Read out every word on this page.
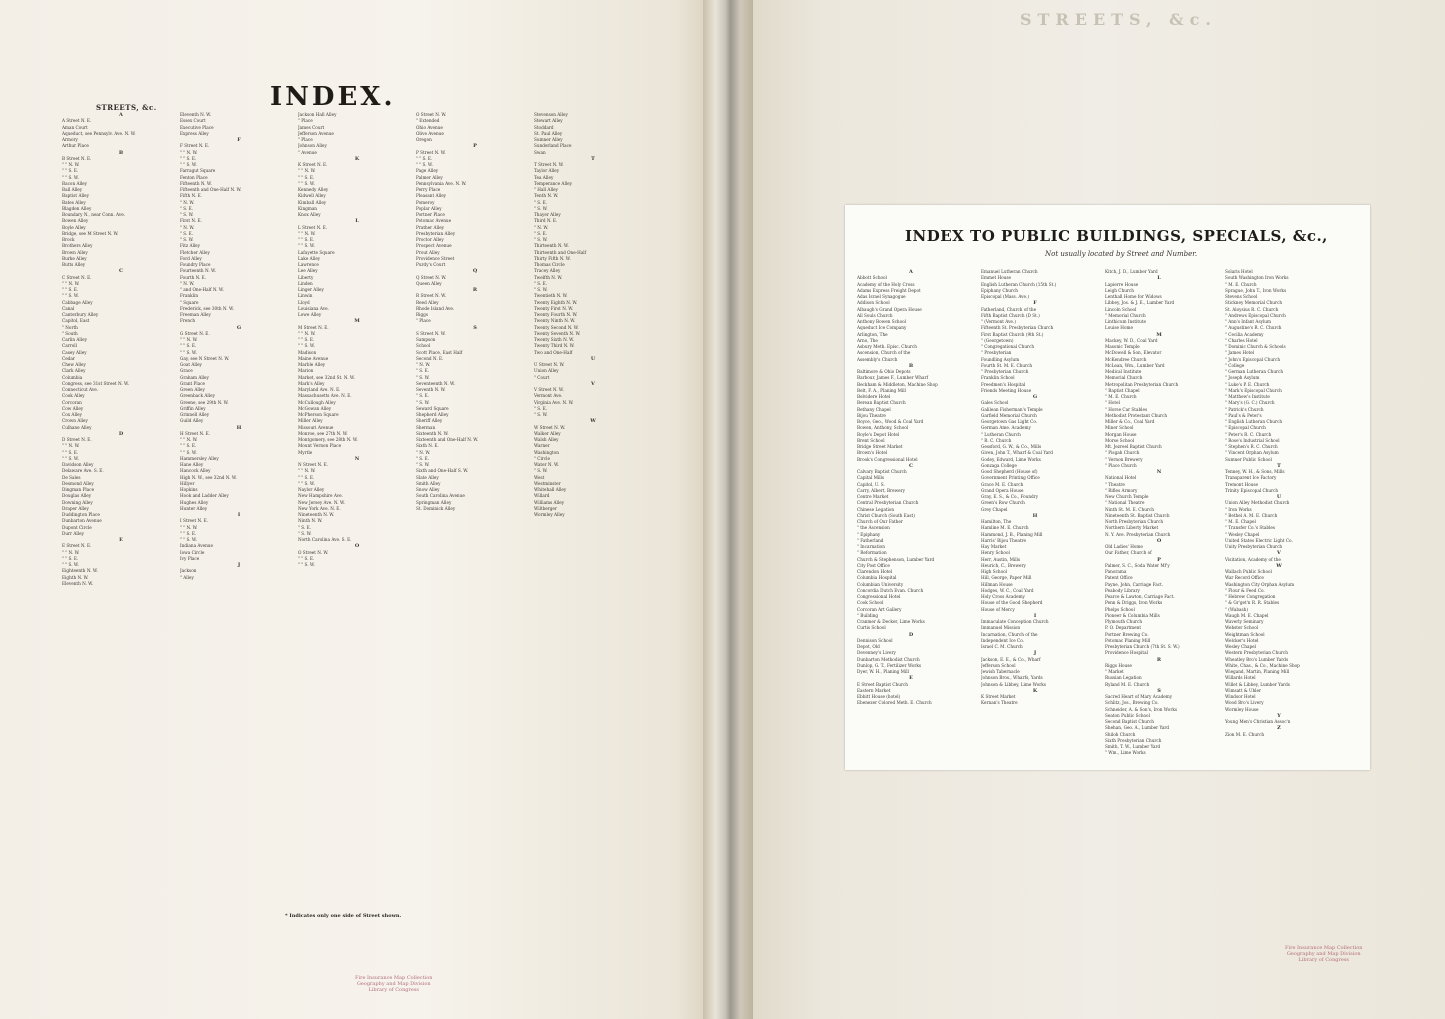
INDEX.
STREETS, &c.
A
A Street N. E.
Aman Court
Aqueduct, see Pennsylv. Ave. N. W.
Armory
Arthur Place
B
B Street N. E.
" " N. W.
" " S. E.
" " S. W.
Bacon Alley
Ball Alley
Baptist Alley
Bates Alley
Blagden Alley
Boundary N., near Conn. Ave.
Bowen Alley
Boyle Alley
Bridge, see M Street N. W.
Brock
Brothers Alley
Brown Alley
Burke Alley
Butts Alley
C
C Street N. E.
" " N. W.
" " S. E.
" " S. W.
Cabbage Alley
Canal
Canterbury Alley
Capitol, East
" North
" South
Carlin Alley
Carroll
Casey Alley
Cedar
Chew Alley
Clark Alley
Columbia
Congress, see 31st Street N. W.
Connecticut Ave.
Cook Alley
Corcoran
Cow Alley
Cox Alley
Crown Alley
Culhane Alley
D
D Street N. E.
" " N. W.
" " S. E.
" " S. W.
Davidson Alley
Delaware Ave. S. E.
De Sales
Desmond Alley
Dingman Place
Douglas Alley
Downing Alley
Draper Alley
Duddington Place
Dunbarton Avenue
Dupont Circle
Durr Alley
E
E Street N. E.
" " N. W.
" " S. E.
" " S. W.
Eighteenth N. W.
Eighth N. W.
Eleventh N. W.
Eleventh N. W.
Essex Court
Executive Place
Express Alley
F
F Street N. E.
" " N. W.
" " S. E.
" " S. W.
Farragut Square
Fenton Place
Fifteenth N. W.
Fifteenth and One-Half N. W.
Fifth N. E.
" N. W.
" S. E.
" S. W.
First N. E.
" N. W.
" S. E.
" S. W.
Fitz Alley
Fletcher Alley
Ford Alley
Foundry Place
Fourteenth N. W.
Fourth N. E.
" N. W.
" and One-Half N. W.
Franklin
" Square
Frederick, see 30th N. W.
Freeman Alley
French
G
G Street N. E.
" " N. W.
" " S. E.
" " S. W.
Gay, see N Street N. W.
Goat Alley
Grace
Graham Alley
Grant Place
Green Alley
Greenback Alley
Greene, see 29th N. W.
Griffin Alley
Grinnell Alley
Guild Alley
H
H Street N. E.
" " N. W.
" " S. E.
" " S. W.
Hammersley Alley
Hane Alley
Hancock Alley
High N. W., see 32nd N. W.
Hillyer
Hopkins
Hook and Ladder Alley
Hughes Alley
Hunter Alley
I
I Street N. E.
" " N. W.
" " S. E.
" " S. W.
Indiana Avenue
Iowa Circle
Ivy Place
J
Jackson
" Alley
Jackson Hall Alley
" Place
James Court
Jefferson Avenue
" Place
Johnson Alley
" Avenue
K
K Street N. E.
" " N. W.
" " S. E.
" " S. W.
Kennedy Alley
Kidwell Alley
Kimball Alley
Kingman
Knox Alley
L
L Street N. E.
" " N. W.
" " S. E.
" " S. W.
Lafayette Square
Lake Alley
Lawrence
Lee Alley
Liberty
Linden
Linger Alley
Linwin
Lloyd
Louisiana Ave.
Lowe Alley
M
M Street N. E.
" " N. W.
" " S. E.
" " S. W.
Madison
Maine Avenue
Marble Alley
Marion
Market, see 32nd St. N. W.
Mark's Alley
Maryland Ave. N. E.
Massachusetts Ave. N. E.
McCullough Alley
McGowan Alley
McPherson Square
Miller Alley
Missouri Avenue
Monroe, see 27th N. W.
Montgomery, see 28th N. W.
Mount Vernon Place
Myrtle
N
N Street N. E.
" " N. W.
" " S. E.
" " S. W.
Naylor Alley
New Hampshire Ave.
New Jersey Ave. N. W.
New York Ave. N. E.
Nineteenth N. W.
Ninth N. W.
" S. E.
" S. W.
North Carolina Ave. S. E.
O
O Street N. W.
" " S. E.
" " S. W.
O Street N. W.
" Extended
Ohio Avenue
Olive Avenue
Oregon
P
P Street N. W.
" " S. E.
" " S. W.
Page Alley
Palmer Alley
Pennsylvania Ave. N. W.
Perry Place
Pleasant Alley
Pomeroy
Poplar Alley
Portner Place
Potomac Avenue
Prather Alley
Presbyterian Alley
Proctor Alley
Prospect Avenue
Prout Alley
Providence Street
Purdy's Court
Q
Q Street N. W.
Queen Alley
R
R Street N. W.
Reed Alley
Rhode Island Ave.
Riggs
" Place
S
S Street N. W.
Sampson
School
Scott Place, East Half
Second N. E.
" N. W.
" S. E.
" S. W.
Seventeenth N. W.
Seventh N. W.
" S. E.
" S. W.
Seward Square
Shepherd Alley
Sheriff Alley
Sherman
Sixteenth N. W.
Sixteenth and One-Half N. W.
Sixth N. E.
" N. W.
" S. E.
" S. W.
Sixth and One-Half S. W.
Slate Alley
Smith Alley
Snow Alley
South Carolina Avenue
Springman Alley
St. Dominick Alley
Stevenson Alley
Stewart Alley
Stoddard
St. Paul Alley
Sumner Alley
Sunderland Place
Swan
T
T Street N. W.
Taylor Alley
Tea Alley
Temperance Alley
" Hall Alley
Tenth N. W.
" S. E.
" S. W.
Thayer Alley
Third N. E.
" N. W.
" S. E.
" S. W.
Thirteenth N. W.
Thirteenth and One-Half
Thirty Fifth N. W.
Thomas Circle
Tracey Alley
Twelfth N. W.
" S. E.
" S. W.
Twentieth N. W.
Twenty Eighth N. W.
Twenty First N. W.
Twenty Fourth N. W.
Twenty Ninth N. W.
Twenty Second N. W.
Twenty Seventh N. W.
Twenty Sixth N. W.
Twenty Third N. W.
Two and One-Half
U
U Street N. W.
Union Alley
" Court
V
V Street N. W.
Vermont Ave.
Virginia Ave. N. W.
" S. E.
" S. W.
W
W Street N. W.
Walker Alley
Walsh Alley
Warner
Washington
" Circle
Water N. W.
" S. W.
West
Westminster
Whitehall Alley
Willard
Williams Alley
Wiltberger
Wormley Alley
* Indicates only one side of Street shown.
Fire Insurance Map Collection
Geography and Map Division
Library of Congress
STREETS, &c.
INDEX TO PUBLIC BUILDINGS, SPECIALS, &c.,
Not usually located by Street and Number.
A
Abbott School
Academy of the Holy Cross
Adams Express Freight Depot
Adas Israel Synagogue
Addison School
Albaugh's Grand Opera House
All Souls Church
Anthony Bowen School
Aqueduct Ice Company
Arlington, The
Arno, The
Asbury Meth. Episc. Church
Ascension, Church of the
Assembly's Church
B
Baltimore & Ohio Depots
Barbour, James F., Lumber Wharf
Beckham & Middleton, Machine Shop
Belt, F. A., Planing Mill
Belvidere Hotel
Berean Baptist Church
Bethany Chapel
Bijou Theatre
Boyce, Geo., Wood & Coal Yard
Bowen, Anthony, School
Boyle's Depot Hotel
Brent School
Bridge Street Market
Brown's Hotel
Brook's Congressional Hotel
C
Calvary Baptist Church
Capital Mills
Capitol, U. S.
Carry, Albert, Brewery
Centre Market
Central Presbyterian Church
Chinese Legation
Christ Church (South East)
Church of Our Father
" the Ascension
" Epiphany
" Fatherland
" Incarnation
" Reformation
Church & Stephenson, Lumber Yard
City Post Office
Clarendon Hotel
Columbia Hospital
Columbian University
Concordia Dutch Evan. Church
Congressional Hotel
Cook School
Corcoran Art Gallery
" Building
Cranmer & Decker, Lime Works
Curtis School
D
Dennison School
Depot, Old
Devenney's Livery
Dunbarton Methodist Church
Dunlop, G. T., Fertilizer Works
Dyer, W. H., Planing Mill
E
E Street Baptist Church
Eastern Market
Ebbitt House (hotel)
Ebenezer Colored Meth. E. Church
Emanuel Lutheran Church
Emmet House
English Lutheran Church (15th St.)
Epiphany Church
Episcopal (Mass. Ave.)
F
Fatherland, Church of the
Fifth Baptist Church (D St.)
" (Vermont Ave.)
Fifteenth St. Presbyterian Church
First Baptist Church (9th St.)
" (Georgetown)
" Congregational Church
" Presbyterian
Foundling Asylum
Fourth St. M. E. Church
" Presbyterian Church
Franklin School
Freedmen's Hospital
Friends Meeting House
G
Gales School
Galilean Fisherman's Temple
Garfield Memorial Church
Georgetown Gas Light Co.
German Ame. Academy
" Lutheran Church
" R. C. Church
Gessford, G. W., & Co., Mills
Given, John T., Wharf & Coal Yard
Godey, Edward, Lime Works
Gonzaga College
Good Shepherd (House of)
Government Printing Office
Grace M. E. Church
Grand Opera House
Gray, E. S., & Co., Foundry
Green's Row Church
Grey Chapel
H
Hamilton, The
Hamline M. E. Church
Hammond, J. B., Planing Mill
Harris' Bijou Theatre
Hay Market
Henry School
Herr, Austin, Mills
Heurich, C., Brewery
High School
Hill, George, Paper Mill
Hillman House
Hodges, W. C., Coal Yard
Holy Cross Academy
House of the Good Shepherd
House of Mercy
I
Immaculate Conception Church
Immanuel Mission
Incarnation, Church of the
Independent Ice Co.
Israel C. M. Church
J
Jackson, E. E., & Co., Wharf
Jefferson School
Jewish Tabernacle
Johnson Bros., Wharfs, Yards
Johnson & Libbey, Lime Works
K
K Street Market
Kernan's Theatre
Kitch, J. D., Lumber Yard
L
Lapierre House
Leigh Church
Lenthall Home for Widows
Libbey, Jos. & J. E., Lumber Yard
Lincoln School
" Memorial Church
Linthicum Institute
Louise Home
M
Mackey, W. D., Coal Yard
Masonic Temple
McDowell & Son, Elevator
McKendree Church
McLean, Wm., Lumber Yard
Medical Institute
Memorial Church
Metropolitan Presbyterian Church
" Baptist Chapel
" M. E. Church
" Hotel
" Horse Car Stables
Methodist Protestant Church
Miller & Co., Coal Yard
Miner School
Morgan House
Morse School
Mt. Jezreel Baptist Church
" Pisgah Church
" Vernon Brewery
" Place Church
N
National Hotel
" Theatre
" Rifles Armory
New Church Temple
" National Theatre
Ninth St. M. E. Church
Nineteenth St. Baptist Church
North Presbyterian Church
Northern Liberty Market
N. Y. Ave. Presbyterian Church
O
Old Ladies' Home
Our Father, Church of
P
Palmer, S. C., Soda Water Mf'y
Panorama
Patent Office
Payne, John, Carriage Fact.
Peabody Library
Pearce & Lawton, Carriage Fact.
Penn & Driggs, Iron Works
Phelps School
Pioneer & Columbia Mills
Plymouth Church
P. O. Department
Portner Brewing Co.
Potomac Planing Mill
Presbyterian Church (7th St. S. W.)
Providence Hospital
R
Riggs House
" Market
Russian Legation
Ryland M. E. Church
S
Sacred Heart of Mary Academy
Schlitz, Jos., Brewing Co.
Schneider, A. & Son's, Iron Works
Seaton Public School
Second Baptist Church
Shehan, Geo. A., Lumber Yard
Shiloh Church
Sixth Presbyterian Church
Smith, T. W., Lumber Yard
" Wm., Lime Works
Solaris Hotel
South Washington Iron Works
" M. E. Church
Sprague, John T., Iron Works
Stevens School
Stickney Memorial Church
St. Aloysius R. C. Church
" Andrews Episcopal Church
" Ann's Infant Asylum
" Augustine's R. C. Church
" Cecilia Academy
" Charles Hotel
" Dominic Church & Schools
" James Hotel
" John's Episcopal Church
" College
" German Lutheran Church
" Joseph Asylum
" Luke's P. E. Church
" Mark's Episcopal Church
" Matthew's Institute
" Mary's (G. C.) Church
" Patrick's Church
" Paul's & Peter's
" English Lutheran Church
" Episcopal Church
" Peter's R. C. Church
" Rose's Industrial School
" Stephen's R. C. Church
" Vincent Orphan Asylum
Sumner Public School
T
Tenney, W. H., & Sons, Mills
Transparent Ice Factory
Tremont House
Trinity Episcopal Church
U
Union Alley Methodist Church
" Iron Works
" Bethel A. M. E. Church
" M. E. Chapel
" Transfer Co.'s Stables
" Wesley Chapel
United States Electric Light Co.
Unity Presbyterian Church
V
Visitation, Academy of the
W
Wallach Public School
War Record Office
Washington City Orphan Asylum
" Flour & Feed Co.
" Hebrew Congregation
" & Gr'get'n R. R. Stables
" (Wabash)
Waugh M. E. Chapel
Waverly Seminary
Webster School
Weightman School
Welcker's Hotel
Wesley Chapel
Western Presbyterian Church
Wheatley Bro's Lumber Yards
White, Chas., & Co., Machine Shop
Wiegand, Martin, Planing Mill
Willards Hotel
Willet & Libbey, Lumber Yards
Wimsatt & Uhler
Windsor Hotel
Wood Bro's Livery
Wormley House
Y
Young Men's Christian Assoc'n
Z
Zion M. E. Church
Fire Insurance Map Collection
Geography and Map Division
Library of Congress
